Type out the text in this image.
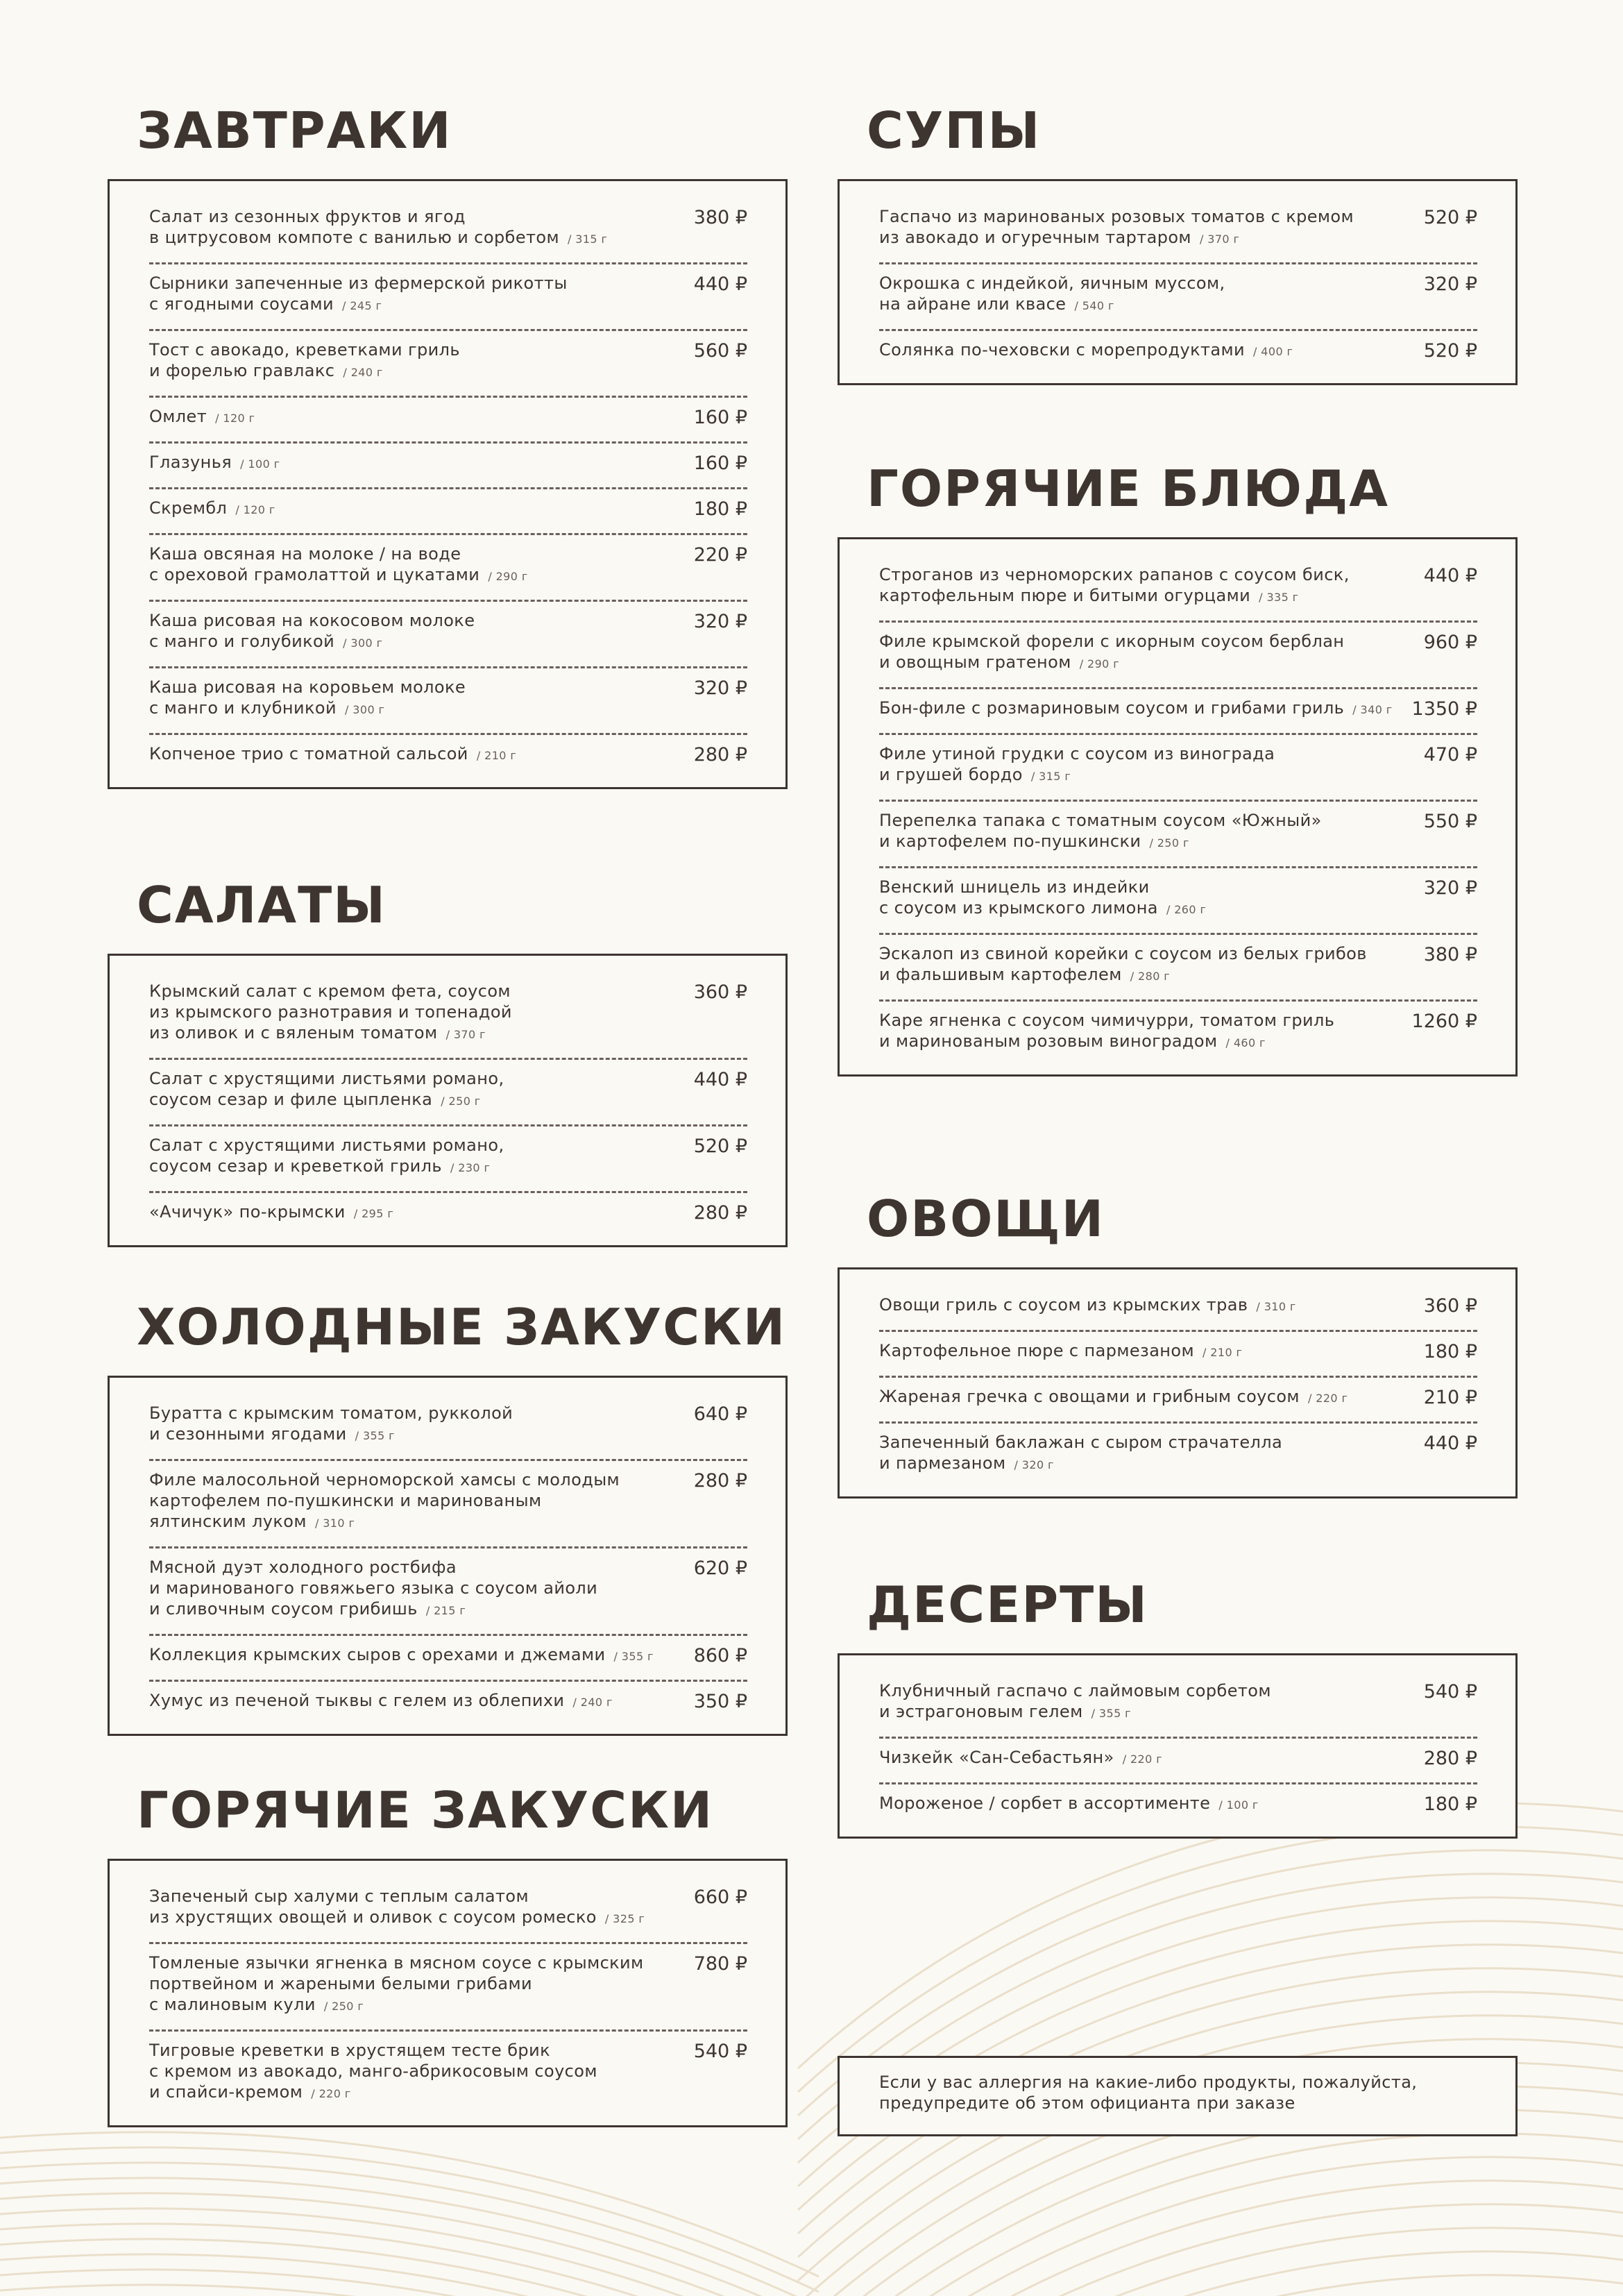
ЗАВТРАКИ
Салат из сезонных фруктов и ягод
в цитрусовом компоте с ванилью и сорбетом / 315 г
380 ₽
Сырники запеченные из фермерской рикотты
с ягодными соусами / 245 г
440 ₽
Тост с авокадо, креветками гриль
и форелью гравлакс / 240 г
560 ₽
Омлет / 120 г	160 ₽
Глазунья / 100 г	160 ₽
Скрембл / 120 г	180 ₽
Каша овсяная на молоке / на воде
с ореховой грамолаттой и цукатами / 290 г
220 ₽
Каша рисовая на кокосовом молоке
с манго и голубикой / 300 г
320 ₽
Каша рисовая на коровьем молоке
с манго и клубникой / 300 г
320 ₽
Копченое трио с томатной сальсой / 210 г	280 ₽
САЛАТЫ
Крымский салат с кремом фета, соусом
из крымского разнотравия и топенадой
из оливок и с вяленым томатом / 370 г
360 ₽
Салат с хрустящими листьями романо,
соусом сезар и филе цыпленка / 250 г
440 ₽
Салат с хрустящими листьями романо,
соусом сезар и креветкой гриль / 230 г
520 ₽
«Ачичук» по-крымски / 295 г	280 ₽
ХОЛОДНЫЕ ЗАКУСКИ
Буратта с крымским томатом, рукколой
и сезонными ягодами / 355 г
640 ₽
Филе малосольной черноморской хамсы с молодым
картофелем по-пушкински и маринованым
ялтинским луком / 310 г
280 ₽
Мясной дуэт холодного ростбифа
и маринованого говяжьего языка с соусом айоли
и сливочным соусом грибишь / 215 г
620 ₽
Коллекция крымских сыров с орехами и джемами / 355 г 860 ₽
Хумус из печеной тыквы с гелем из облепихи / 240 г	350 ₽
ГОРЯЧИЕ ЗАКУСКИ
Запеченый сыр халуми с теплым салатом
из хрустящих овощей и оливок с соусом ромеско / 325 г
660 ₽
Томленые язычки ягненка в мясном соусе с крымским
портвейном и жареными белыми грибами
с малиновым кули / 250 г
780 ₽
Тигровые креветки в хрустящем тесте брик
с кремом из авокадо, манго-абрикосовым соусом
и спайси-кремом / 220 г
540 ₽
СУПЫ
Гаспачо из маринованых розовых томатов с кремом
из авокадо и огуречным тартаром / 370 г
520 ₽
Окрошка с индейкой, яичным муссом,
на айране или квасе / 540 г
320 ₽
Солянка по-чеховски с морепродуктами / 400 г	520 ₽
ГОРЯЧИЕ БЛЮДА
Строганов из черноморских рапанов с соусом биск,
картофельным пюре и битыми огурцами / 335 г
440 ₽
Филе крымской форели с икорным соусом берблан
и овощным гратеном / 290 г
960 ₽
Бон-филе с розмариновым соусом и грибами гриль / 340 г 1350 ₽
Филе утиной грудки с соусом из винограда
и грушей бордо / 315 г
470 ₽
Перепелка тапака с томатным соусом «Южный»
и картофелем по-пушкински / 250 г
550 ₽
Венский шницель из индейки
с соусом из крымского лимона / 260 г
320 ₽
Эскалоп из свиной корейки с соусом из белых грибов
и фальшивым картофелем / 280 г
380 ₽
Каре ягненка с соусом чимичурри, томатом гриль
и маринованым розовым виноградом / 460 г
1260 ₽
ОВОЩИ
Овощи гриль с соусом из крымских трав / 310 г	360 ₽
Картофельное пюре с пармезаном / 210 г	180 ₽
Жареная гречка с овощами и грибным соусом / 220 г	210 ₽
Запеченный баклажан с сыром страчателла
и пармезаном / 320 г
440 ₽
ДЕСЕРТЫ
Клубничный гаспачо с лаймовым сорбетом
и эстрагоновым гелем / 355 г
540 ₽
Чизкейк «Сан-Себастьян» / 220 г	280 ₽
Мороженое / сорбет в ассортименте / 100 г	180 ₽
Если у вас аллергия на какие-либо продукты, пожалуйста,
предупредите об этом официанта при заказе
